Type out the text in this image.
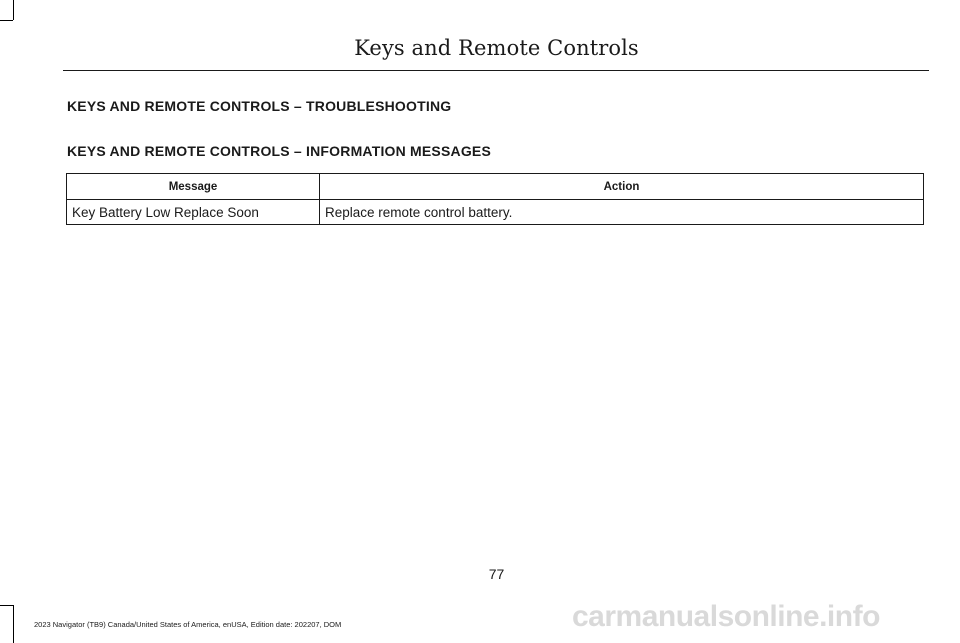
Keys and Remote Controls
KEYS AND REMOTE CONTROLS – TROUBLESHOOTING
KEYS AND REMOTE CONTROLS – INFORMATION MESSAGES
Message	Action
Key Battery Low Replace Soon	Replace remote control battery.
77
2023 Navigator (TB9) Canada/United States of America, enUSA, Edition date: 202207, DOM	carmanualsonline.info
